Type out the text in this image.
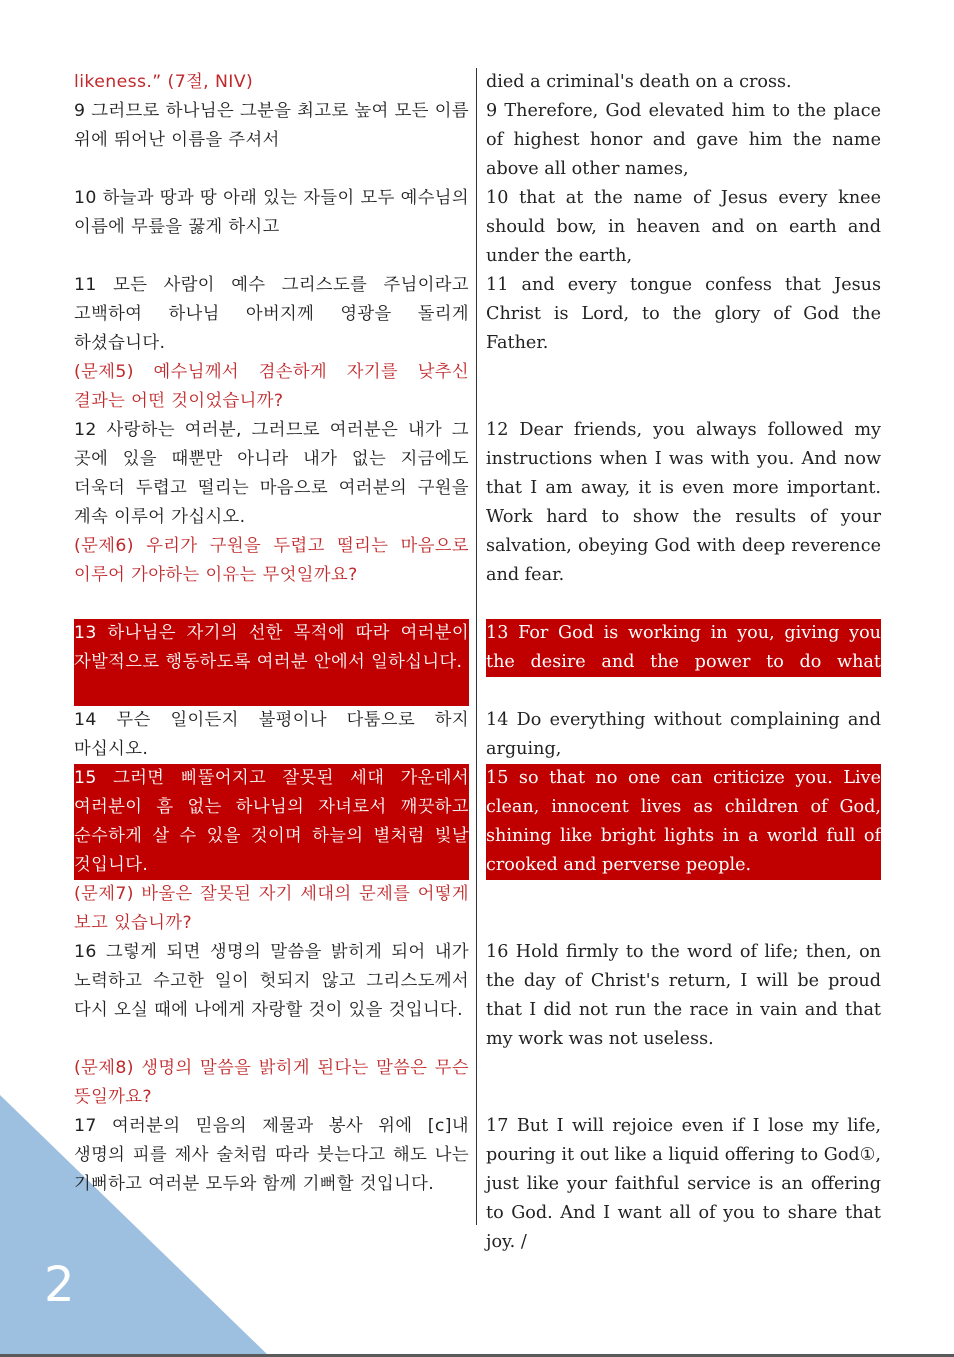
2

likeness.” (7절, NIV)

9 그러므로 하나님은 그분을 최고로 높여 모든 이름 위에 뛰어난 이름을 주셔서

10 하늘과 땅과 땅 아래 있는 자들이 모두 예수님의 이름에 무릎을 꿇게 하시고

11 모든 사람이 예수 그리스도를 주님이라고 고백하여 하나님 아버지께 영광을 돌리게 하셨습니다.

(문제5) 예수님께서 겸손하게 자기를 낮추신 결과는 어떤 것이었습니까?

12 사랑하는 여러분, 그러므로 여러분은 내가 그 곳에 있을 때뿐만 아니라 내가 없는 지금에도 더욱더 두렵고 떨리는 마음으로 여러분의 구원을 계속 이루어 가십시오.

(문제6) 우리가 구원을 두렵고 떨리는 마음으로 이루어 가야하는 이유는 무엇일까요?

13 하나님은 자기의 선한 목적에 따라 여러분이 자발적으로 행동하도록 여러분 안에서 일하십니다.

14 무슨 일이든지 불평이나 다툼으로 하지 마십시오.

15 그러면 삐뚤어지고 잘못된 세대 가운데서 여러분이 흠 없는 하나님의 자녀로서 깨끗하고 순수하게 살 수 있을 것이며 하늘의 별처럼 빛날 것입니다.

(문제7) 바울은 잘못된 자기 세대의 문제를 어떻게 보고 있습니까?

16 그렇게 되면 생명의 말씀을 밝히게 되어 내가 노력하고 수고한 일이 헛되지 않고 그리스도께서 다시 오실 때에 나에게 자랑할 것이 있을 것입니다.

(문제8) 생명의 말씀을 밝히게 된다는 말씀은 무슨 뜻일까요?

17 여러분의 믿음의 제물과 봉사 위에 [c]내 생명의 피를 제사 술처럼 따라 붓는다고 해도 나는 기뻐하고 여러분 모두와 함께 기뻐할 것입니다.

died a criminal's death on a cross.

9 Therefore, God elevated him to the place of highest honor and gave him the name above all other names,

10 that at the name of Jesus every knee should bow, in heaven and on earth and under the earth,

11 and every tongue confess that Jesus Christ is Lord, to the glory of God the Father.

12 Dear friends, you always followed my instructions when I was with you. And now that I am away, it is even more important. Work hard to show the results of your salvation, obeying God with deep reverence and fear.

13 For God is working in you, giving you the desire and the power to do what pleases him.

14 Do everything without complaining and arguing,

15 so that no one can criticize you. Live clean, innocent lives as children of God, shining like bright lights in a world full of crooked and perverse people.

16 Hold firmly to the word of life; then, on the day of Christ's return, I will be proud that I did not run the race in vain and that my work was not useless.

17 But I will rejoice even if I lose my life, pouring it out like a liquid offering to God①, just like your faithful service is an offering to God. And I want all of you to share that joy. /
